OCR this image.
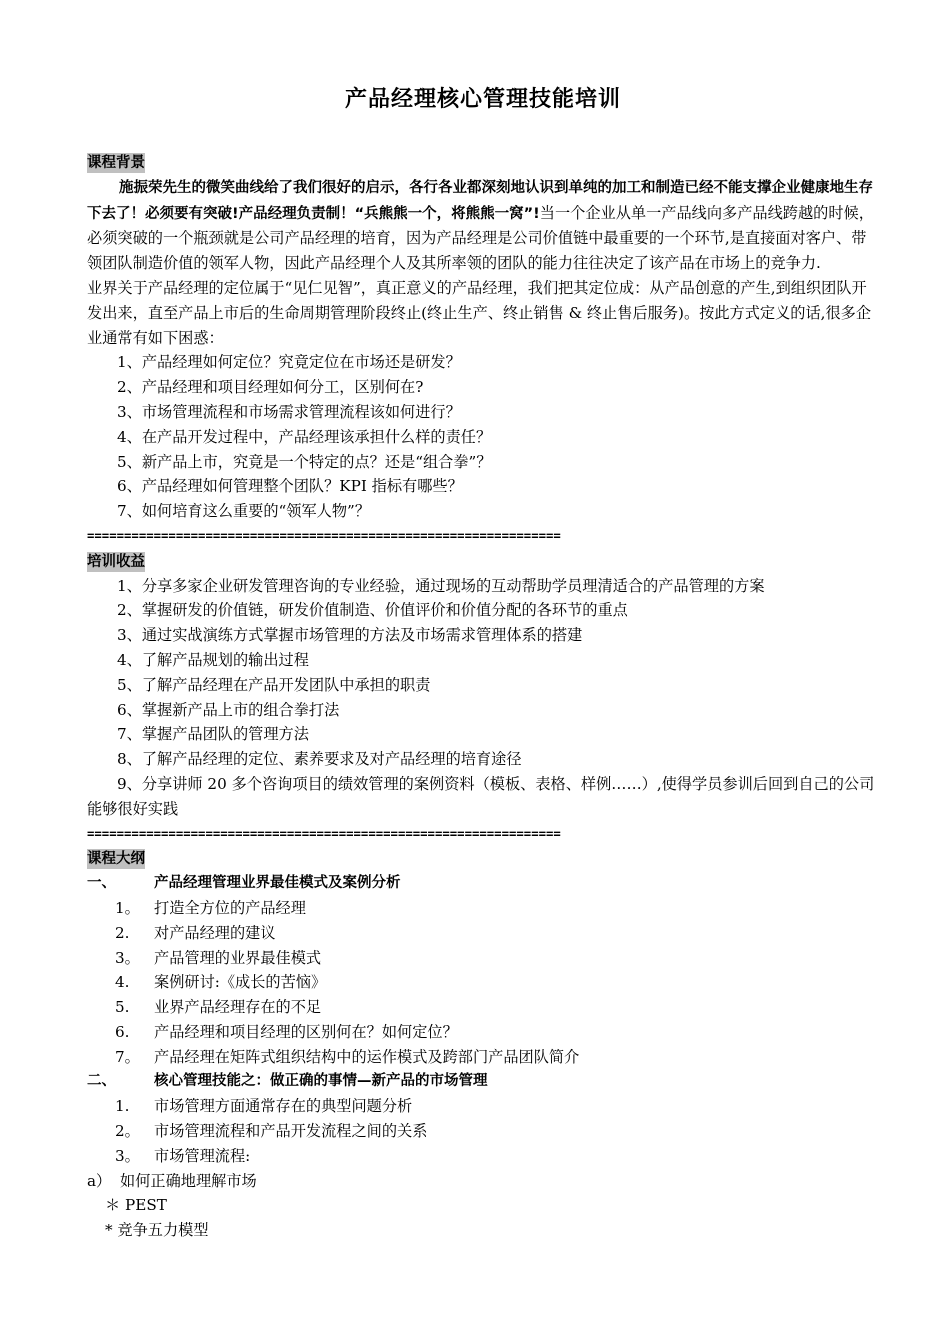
产品经理核心管理技能培训
课程背景

施振荣先生的微笑曲线给了我们很好的启示，各行各业都深刻地认识到单纯的加工和制造已经不能支撑企业健康地生存下去了！必须要有突破!产品经理负责制！“兵熊熊一个，将熊熊一窝”!当一个企业从单一产品线向多产品线跨越的时候，必须突破的一个瓶颈就是公司产品经理的培育，因为产品经理是公司价值链中最重要的一个环节,是直接面对客户、带领团队制造价值的领军人物，因此产品经理个人及其所率领的团队的能力往往决定了该产品在市场上的竞争力.

业界关于产品经理的定位属于“见仁见智”，真正意义的产品经理，我们把其定位成：从产品创意的产生,到组织团队开发出来，直至产品上市后的生命周期管理阶段终止(终止生产、终止销售 & 终止售后服务)。按此方式定义的话,很多企业通常有如下困惑：

1、产品经理如何定位？究竟定位在市场还是研发？

2、产品经理和项目经理如何分工，区别何在?

3、市场管理流程和市场需求管理流程该如何进行？

4、在产品开发过程中，产品经理该承担什么样的责任？

5、新产品上市，究竟是一个特定的点？还是“组合拳”？

6、产品经理如何管理整个团队？KPI 指标有哪些？

7、如何培育这么重要的“领军人物”？

================================================================
培训收益

1、分享多家企业研发管理咨询的专业经验，通过现场的互动帮助学员理清适合的产品管理的方案

2、掌握研发的价值链，研发价值制造、价值评价和价值分配的各环节的重点

3、通过实战演练方式掌握市场管理的方法及市场需求管理体系的搭建

4、了解产品规划的输出过程

5、了解产品经理在产品开发团队中承担的职责

6、掌握新产品上市的组合拳打法

7、掌握产品团队的管理方法

8、了解产品经理的定位、素养要求及对产品经理的培育途径

9、分享讲师 20 多个咨询项目的绩效管理的案例资料（模板、表格、样例……）,使得学员参训后回到自己的公司能够很好实践

================================================================
课程大纲
一、	产品经理管理业界最佳模式及案例分析
1。 打造全方位的产品经理
2.	对产品经理的建议
3。 产品管理的业界最佳模式
4.	案例研讨:《成长的苦恼》
5.	业界产品经理存在的不足
6.	产品经理和项目经理的区别何在？如何定位？
7。 产品经理在矩阵式组织结构中的运作模式及跨部门产品团队简介
二、	核心管理技能之：做正确的事情—新产品的市场管理
1.	市场管理方面通常存在的典型问题分析
2。 市场管理流程和产品开发流程之间的关系
3。 市场管理流程:
a） 如何正确地理解市场

＊ PEST

* 竞争五力模型
